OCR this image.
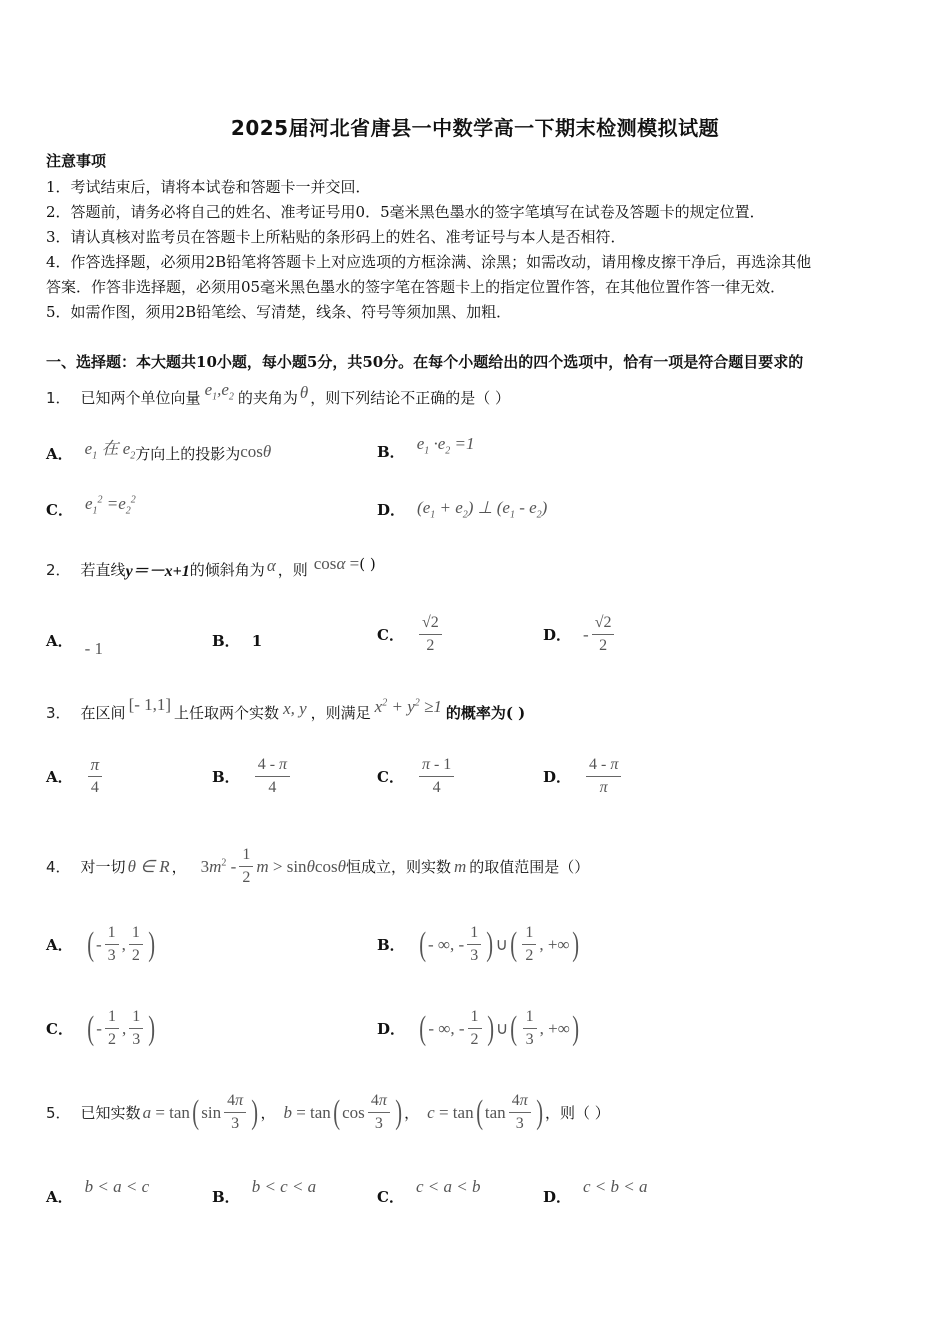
2025届河北省唐县一中数学高一下期末检测模拟试题
注意事项
1．考试结束后，请将本试卷和答题卡一并交回．
2．答题前，请务必将自己的姓名、准考证号用0．5毫米黑色墨水的签字笔填写在试卷及答题卡的规定位置．
3．请认真核对监考员在答题卡上所粘贴的条形码上的姓名、准考证号与本人是否相符．
4．作答选择题，必须用2B铅笔将答题卡上对应选项的方框涂满、涂黑；如需改动，请用橡皮擦干净后，再选涂其他
答案．作答非选择题，必须用05毫米黑色墨水的签字笔在答题卡上的指定位置作答，在其他位置作答一律无效．
5．如需作图，须用2B铅笔绘、写清楚，线条、符号等须加黑、加粗．
一、选择题：本大题共10小题，每小题5分，共50分。在每个小题给出的四个选项中，恰有一项是符合题目要求的
1． 已知两个单位向量 $e_1,e_2$ 的夹角为 θ ，则下列结论不正确的是（ ）
A． $e_1$ 在 $e_2$ 方向上的投影为 cosθ	B． $e_1 \cdot e_2 =1$
C． $e_1^2 =e_2^2$
D． $(e_1 + e_2)$ ⊥ $(e_1 - e_2)$
2． 若直线 y＝－x+1 的倾斜角为 α ，则 cosα = ( )
A． - 1	B． 1	C． $\frac{√2}{2}$	D． - $\frac{√2}{2}$
3． 在区间 [- 1,1] 上任取两个实数 x, y ，则满足 $x^2 + y^2 \ge 1$ 的概率为( )
A． $\frac{\pi}{4}$	B． $\frac{4 - \pi}{4}$	C． $\frac{\pi - 1}{4}$	D． $\frac{4 - \pi}{\pi}$
4． 对一切 θ ∈ R ， $3m^2 - \frac{1}{2}$ m > sinθcosθ 恒成立，则实数 m 的取值范围是（）
A． ( - $\frac{1}{3}$ , $\frac{1}{2}$ )	B． ( - ∞, - $\frac{1}{3}$ ) ∪ ( $\frac{1}{2}$ , +∞ )
C． ( - $\frac{1}{2}$ , $\frac{1}{3}$ )	D． ( - ∞, - $\frac{1}{2}$ ) ∪ ( $\frac{1}{3}$ , +∞ )
5． 已知实数 a = tan ( $\sin \frac{4\pi}{3}$ ) ， b = tan ( $\cos \frac{4\pi}{3}$ ) ， c = tan ( $\tan \frac{4\pi}{3}$ ) ，则（ ）
A．
b < a < c
B．
b < c < a
C．
c < a < b
D．
c < b < a
